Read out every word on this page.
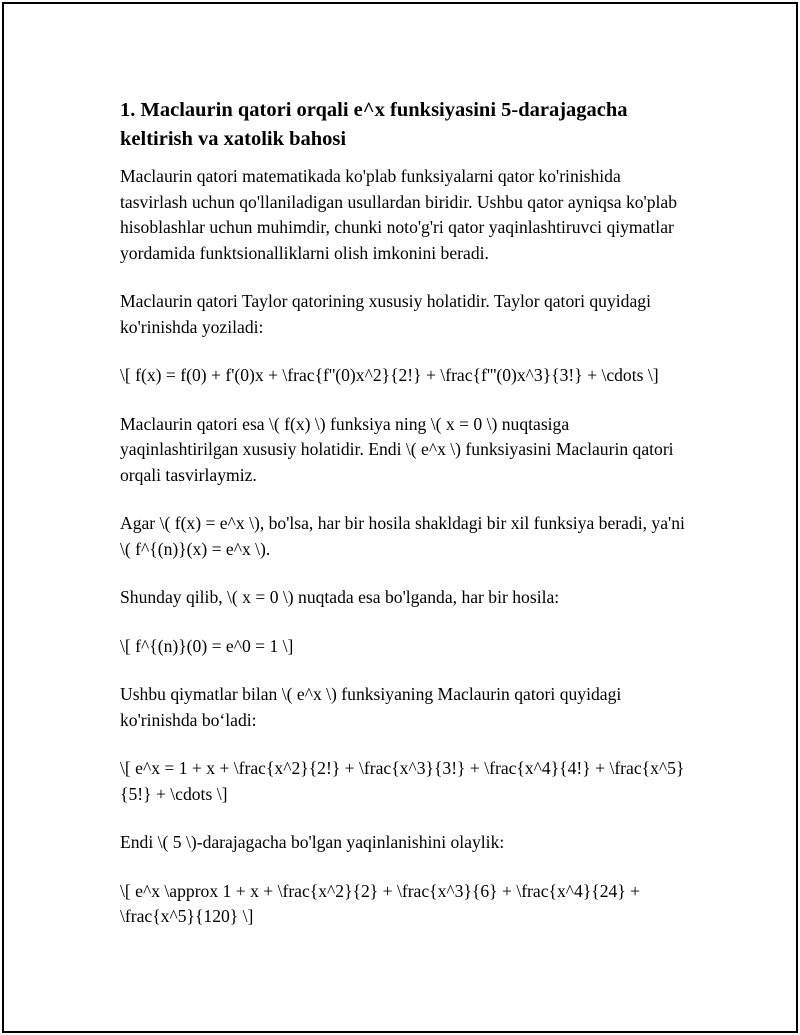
1. Maclaurin qatori orqali e^x funksiyasini 5-darajagacha keltirish va xatolik bahosi

Maclaurin qatori matematikada ko'plab funksiyalarni qator ko'rinishida tasvirlash uchun qo'llaniladigan usullardan biridir. Ushbu qator ayniqsa ko'plab hisoblashlar uchun muhimdir, chunki noto'g'ri qator yaqinlashtiruvci qiymatlar yordamida funktsionalliklarni olish imkonini beradi.

Maclaurin qatori Taylor qatorining xususiy holatidir. Taylor qatori quyidagi ko'rinishda yoziladi:

\[ f(x) = f(0) + f'(0)x + \frac{f''(0)x^2}{2!} + \frac{f'''(0)x^3}{3!} + \cdots \]

Maclaurin qatori esa \( f(x) \) funksiya ning \( x = 0 \) nuqtasiga yaqinlashtirilgan xususiy holatidir. Endi \( e^x \) funksiyasini Maclaurin qatori orqali tasvirlaymiz.

Agar \( f(x) = e^x \), bo'lsa, har bir hosila shakldagi bir xil funksiya beradi, ya'ni \( f^{(n)}(x) = e^x \).

Shunday qilib, \( x = 0 \) nuqtada esa bo'lganda, har bir hosila:

\[ f^{(n)}(0) = e^0 = 1 \]

Ushbu qiymatlar bilan \( e^x \) funksiyaning Maclaurin qatori quyidagi ko'rinishda bo‘ladi:

\[ e^x = 1 + x + \frac{x^2}{2!} + \frac{x^3}{3!} + \frac{x^4}{4!} + \frac{x^5}{5!} + \cdots \]

Endi \( 5 \)-darajagacha bo'lgan yaqinlanishini olaylik:

\[ e^x \approx 1 + x + \frac{x^2}{2} + \frac{x^3}{6} + \frac{x^4}{24} + \frac{x^5}{120} \]
